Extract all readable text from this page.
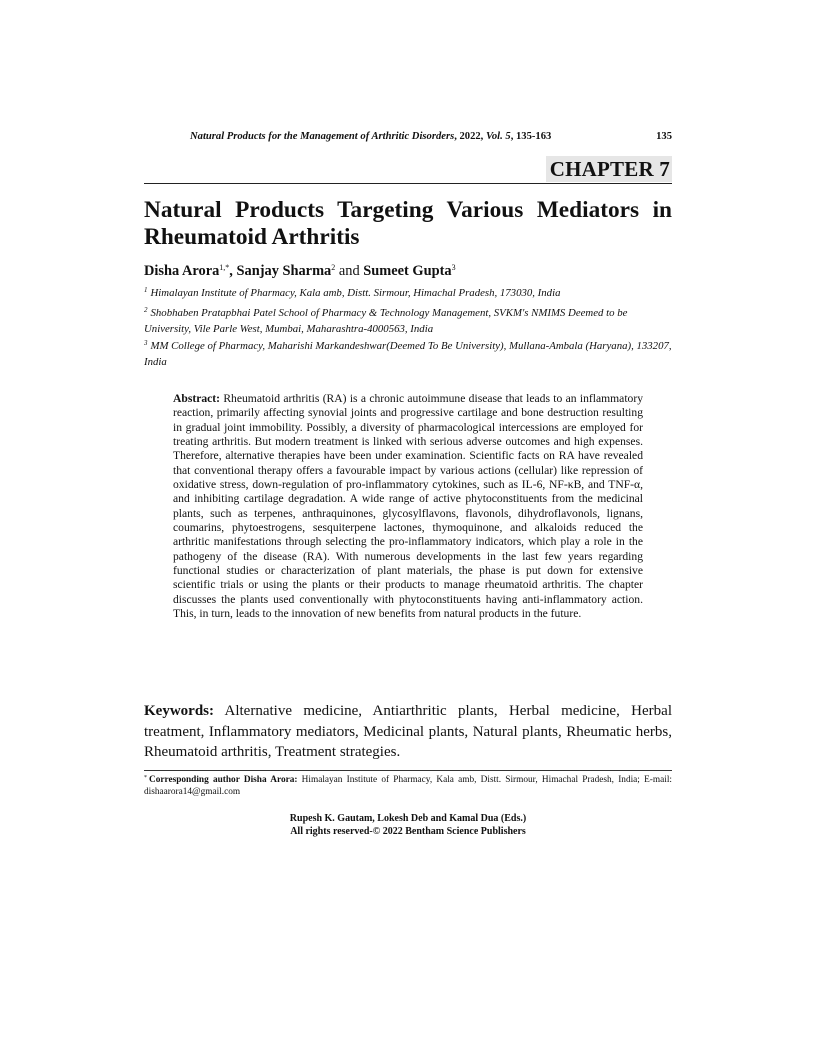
Natural Products for the Management of Arthritic Disorders, 2022, Vol. 5, 135-163	135
CHAPTER 7
Natural Products Targeting Various Mediators in Rheumatoid Arthritis
Disha Arora$^{1,*}$, Sanjay Sharma$^2$ and Sumeet Gupta$^3$
$^1$ Himalayan Institute of Pharmacy, Kala amb, Distt. Sirmour, Himachal Pradesh, 173030, India
$^2$ Shobhaben Pratapbhai Patel School of Pharmacy & Technology Management, SVKM's NMIMS Deemed to be University, Vile Parle West, Mumbai, Maharashtra-4000563, India
$^3$ MM College of Pharmacy, Maharishi Markandeshwar(Deemed To Be University), Mullana-Ambala (Haryana), 133207, India

Abstract: Rheumatoid arthritis (RA) is a chronic autoimmune disease that leads to an inflammatory reaction, primarily affecting synovial joints and progressive cartilage and bone destruction resulting in gradual joint immobility. Possibly, a diversity of pharmacological intercessions are employed for treating arthritis. But modern treatment is linked with serious adverse outcomes and high expenses. Therefore, alternative therapies have been under examination. Scientific facts on RA have revealed that conventional therapy offers a favourable impact by various actions (cellular) like repression of oxidative stress, down-regulation of pro-inflammatory cytokines, such as IL-6, NF-κB, and TNF-α, and inhibiting cartilage degradation. A wide range of active phytoconstituents from the medicinal plants, such as terpenes, anthraquinones, glycosylflavons, flavonols, dihydroflavonols, lignans, coumarins, phytoestrogens, sesquiterpene lactones, thymoquinone, and alkaloids reduced the arthritic manifestations through selecting the pro-inflammatory indicators, which play a role in the pathogeny of the disease (RA). With numerous developments in the last few years regarding functional studies or characterization of plant materials, the phase is put down for extensive scientific trials or using the plants or their products to manage rheumatoid arthritis. The chapter discusses the plants used conventionally with phytoconstituents having anti-inflammatory action. This, in turn, leads to the innovation of new benefits from natural products in the future.

Keywords: Alternative medicine, Antiarthritic plants, Herbal medicine, Herbal treatment, Inflammatory mediators, Medicinal plants, Natural plants, Rheumatic herbs, Rheumatoid arthritis, Treatment strategies.

* Corresponding author Disha Arora: Himalayan Institute of Pharmacy, Kala amb, Distt. Sirmour, Himachal Pradesh, India; E-mail: dishaarora14@gmail.com

Rupesh K. Gautam, Lokesh Deb and Kamal Dua (Eds.)
All rights reserved-© 2022 Bentham Science Publishers
